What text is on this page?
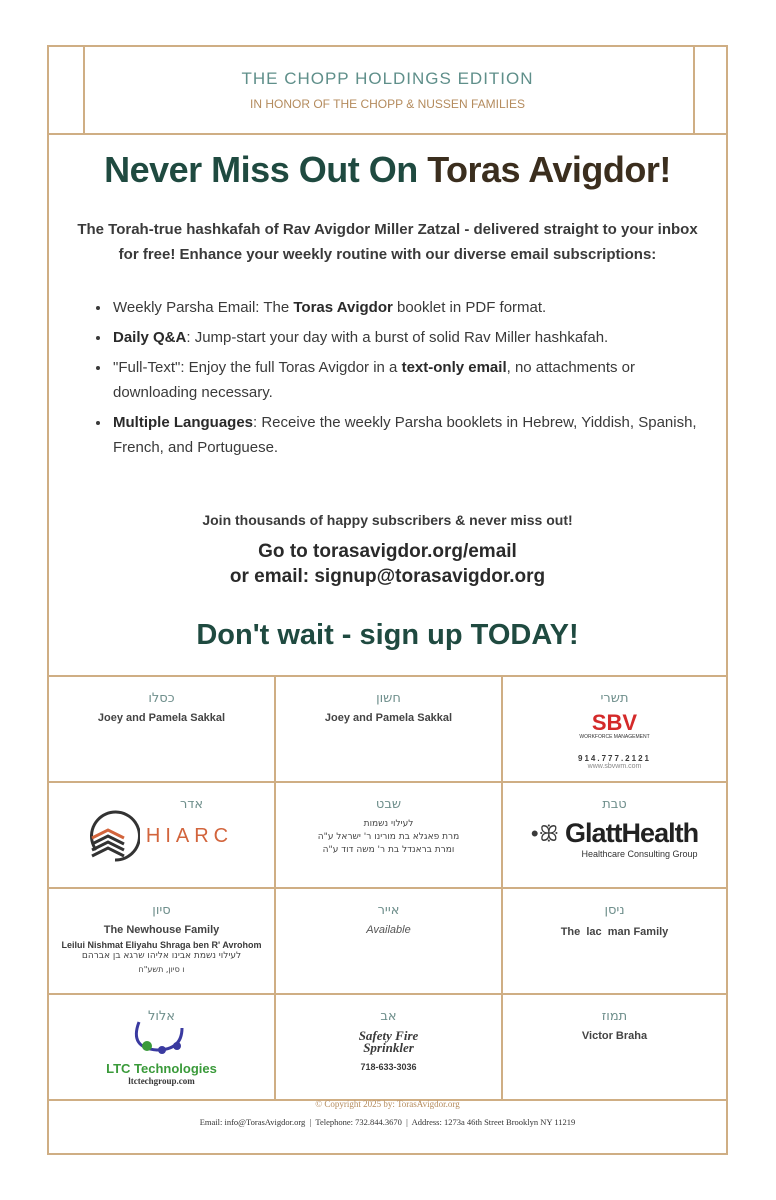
THE CHOPP HOLDINGS EDITION
IN HONOR OF THE CHOPP & NUSSEN FAMILIES
Never Miss Out On Toras Avigdor!
The Torah-true hashkafah of Rav Avigdor Miller Zatzal - delivered straight to your inbox for free! Enhance your weekly routine with our diverse email subscriptions:
• Weekly Parsha Email: The Toras Avigdor booklet in PDF format.
• Daily Q&A: Jump-start your day with a burst of solid Rav Miller hashkafah.
• "Full-Text": Enjoy the full Toras Avigdor in a text-only email, no attachments or downloading necessary.
• Multiple Languages: Receive the weekly Parsha booklets in Hebrew, Yiddish, Spanish, French, and Portuguese.
Join thousands of happy subscribers & never miss out!
Go to torasavigdor.org/email
or email: signup@torasavigdor.org
Don't wait - sign up TODAY!
כסלו
Joey and Pamela Sakkal
חשון
Joey and Pamela Sakkal
תשרי
SBV
WORKFORCE MANAGEMENT
914.777.2121
www.sbvwm.com
אדר
HIARC
שבט
לעילוי נשמות
מרת פאגלא בת מורינו ר' ישראל ע"ה
ומרת בראנדל בת ר' משה דוד ע"ה
טבת
•ꕥ GlattHealth
Healthcare Consulting Group
סיון
The Newhouse Family
Leilui Nishmat Eliyahu Shraga ben R' Avrohom
לעילוי נשמת אבינו אליהו שרגא בן אברהם
ו סיון, תשע"ח
אייר
Available
ניסן
The  lac  man Family
אלול
LTC Technologies
ltctechgroup.com
אב
Safety Fire Sprinkler
718-633-3036
תמוז
Victor Braha
© Copyright 2025 by: TorasAvigdor.org
Email: info@TorasAvigdor.org  |  Telephone: 732.844.3670  |  Address: 1273a 46th Street Brooklyn NY 11219
